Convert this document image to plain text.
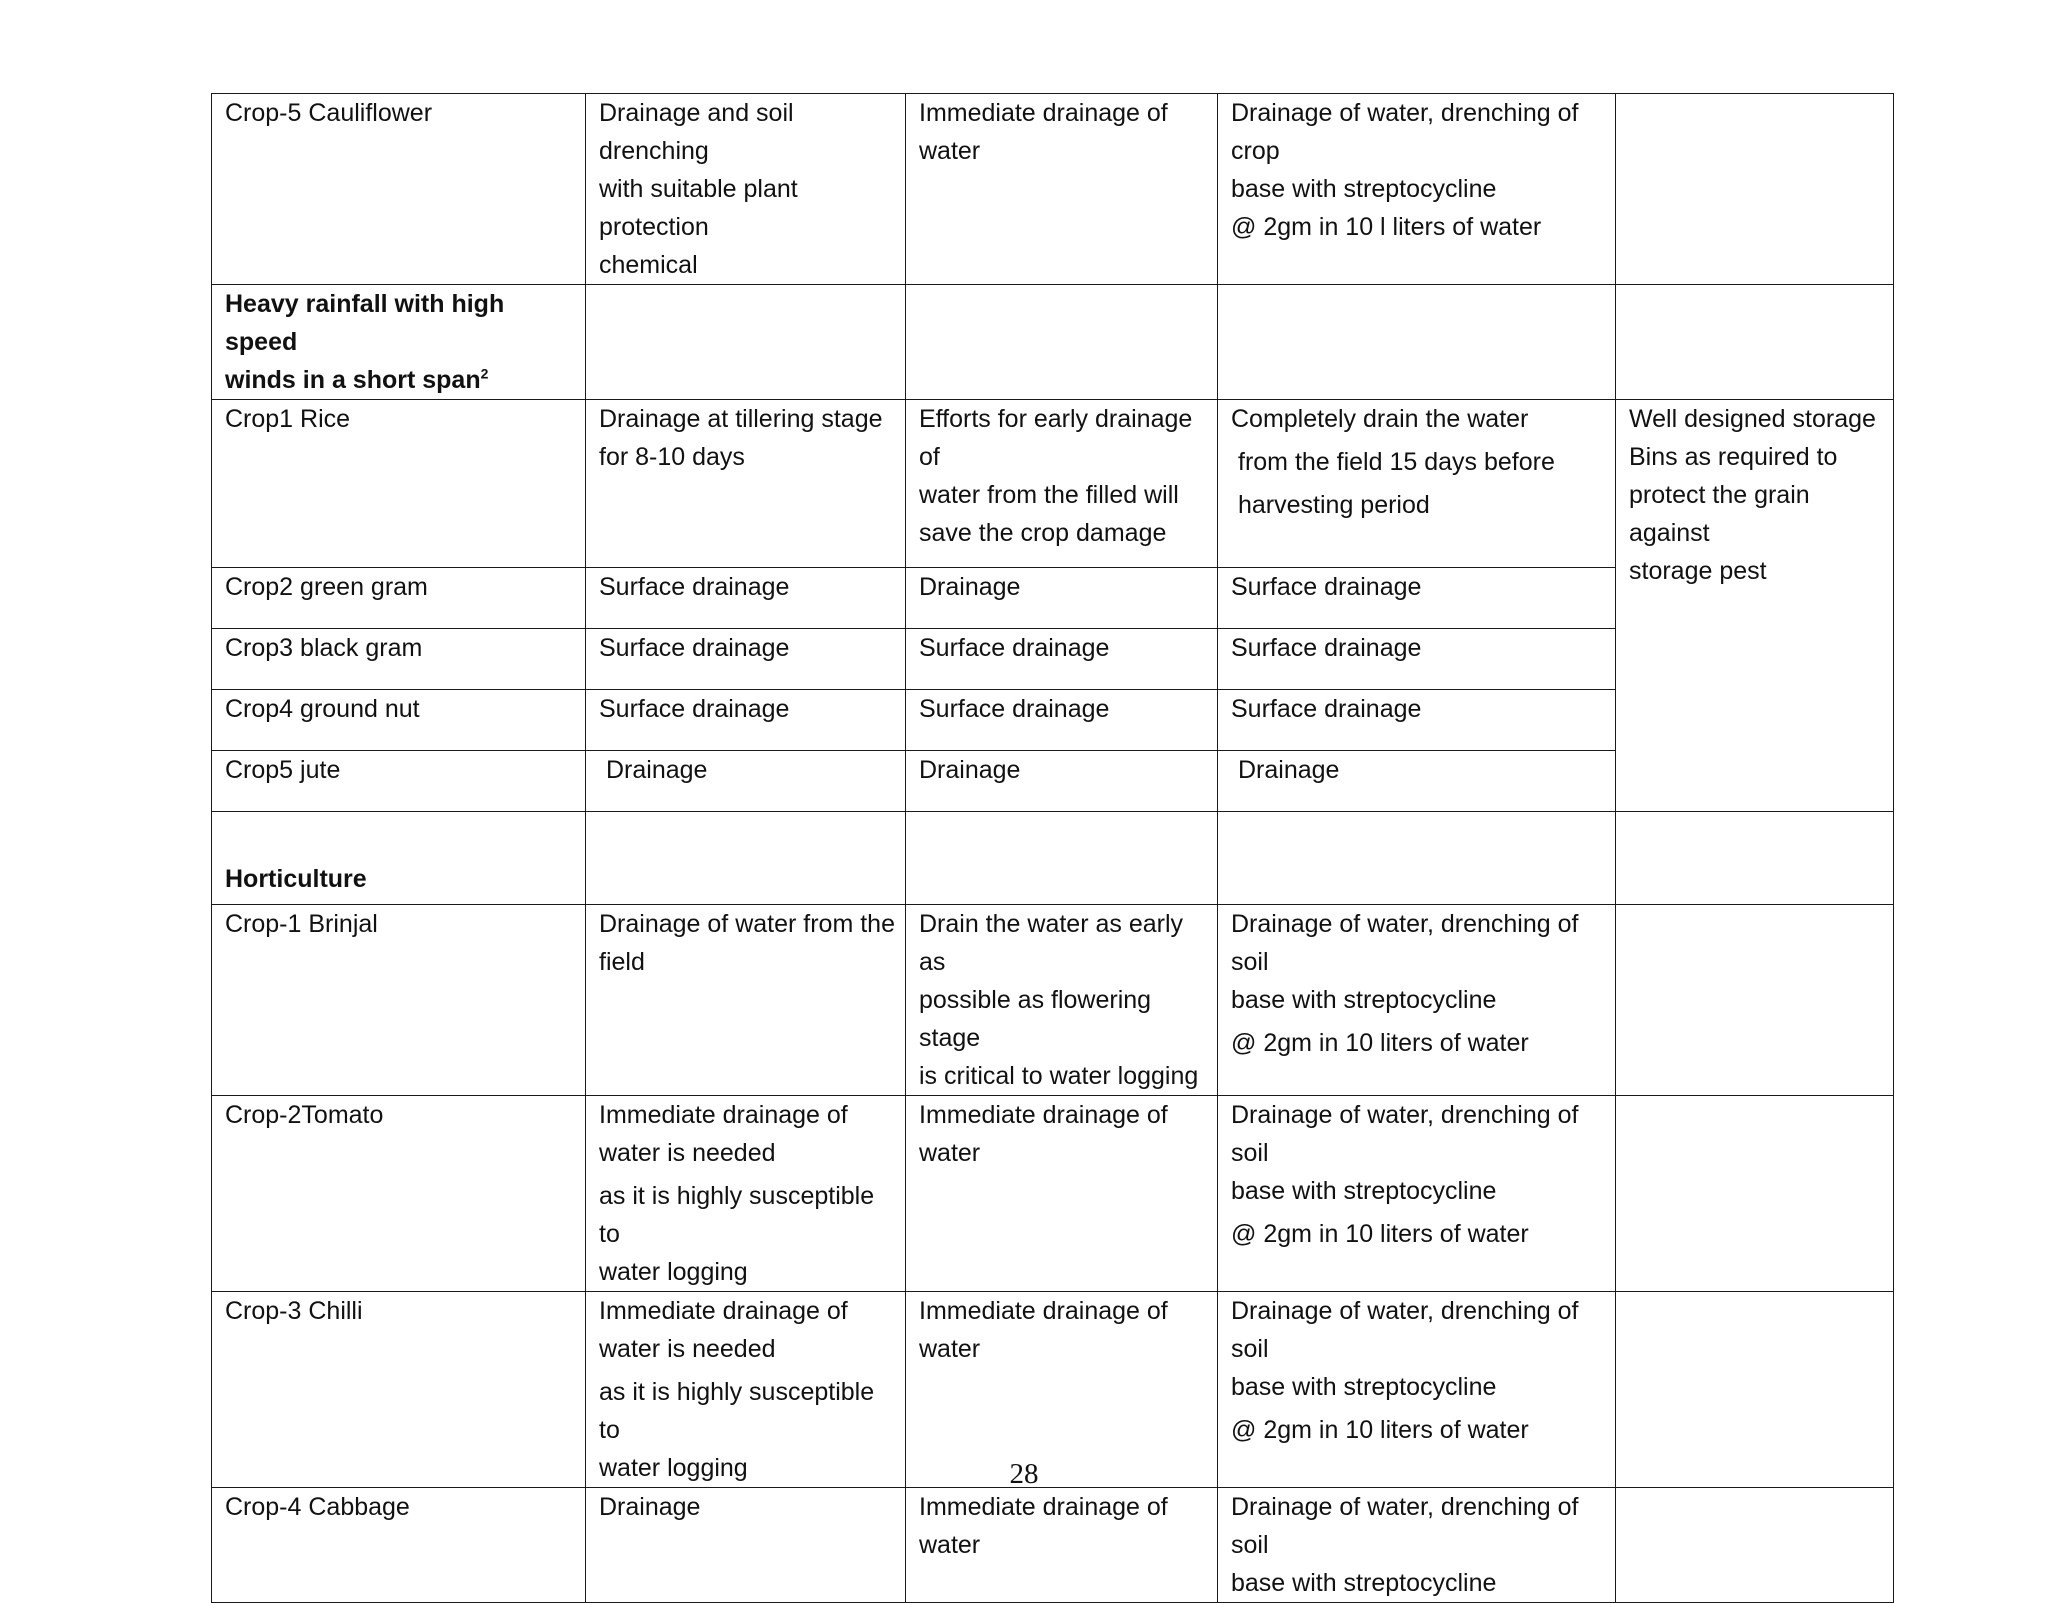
Crop-5 Cauliflower	Drainage and soil drenching
with suitable plant protection
chemical	Immediate drainage of water	Drainage of water, drenching of crop
base with streptocycline
@ 2gm in 10 l liters of water	

Heavy rainfall with high speed
winds in a short span$^2$

Crop1 Rice	Drainage at tillering stage
for 8-10 days	Efforts for early drainage of
water from the filled will
save the crop damage	Completely drain the water
from the field 15 days before
harvesting period	Well designed storage
Bins as required to
protect the grain against
storage pest

Crop2 green gram	Surface drainage	Drainage	Surface drainage	

Crop3 black gram	Surface drainage	Surface drainage	Surface drainage	

Crop4 ground nut	Surface drainage	Surface drainage	Surface drainage	

Crop5 jute	Drainage	Drainage	Drainage	

Horticulture				

Crop-1 Brinjal	Drainage of water from the
field	Drain the water as early as
possible as flowering stage
is critical to water logging	Drainage of water, drenching of soil
base with streptocycline
@ 2gm in 10 liters of water	

Crop-2Tomato	Immediate drainage of
water is needed
as it is highly susceptible to
water logging	Immediate drainage of
water	Drainage of water, drenching of soil
base with streptocycline
@ 2gm in 10 liters of water	

Crop-3 Chilli	Immediate drainage of
water is needed
as it is highly susceptible to
water logging	Immediate drainage of
water	Drainage of water, drenching of soil
base with streptocycline
@ 2gm in 10 liters of water	

Crop-4 Cabbage	Drainage	Immediate drainage of
water	Drainage of water, drenching of soil
base with streptocycline	

28
